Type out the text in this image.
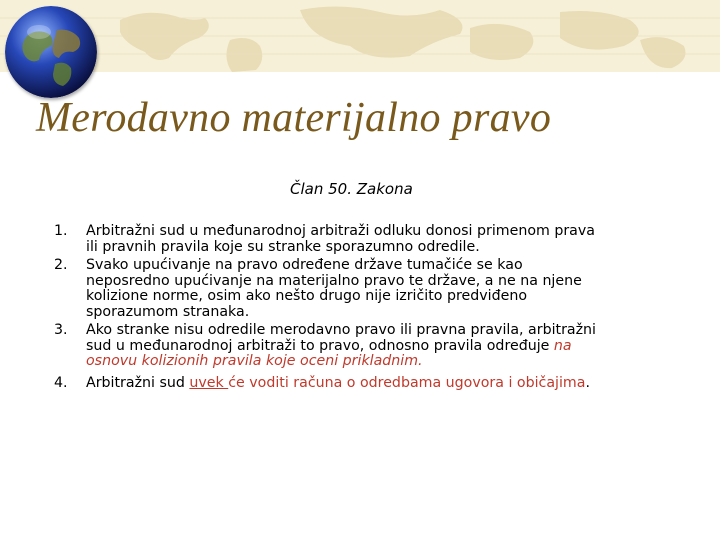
Merodavno materijalno pravo
Član 50. Zakona
1. Arbitražni sud u međunarodnoj arbitraži odluku donosi primenom prava
ili pravnih pravila koje su stranke sporazumno odredile.
2. Svako upućivanje na pravo određene države tumačiće se kao
neposredno upućivanje na materijalno pravo te države, a ne na njene
kolizione norme, osim ako nešto drugo nije izričito predviđeno
sporazumom stranaka.
3. Ako stranke nisu odredile merodavno pravo ili pravna pravila, arbitražni
sud u međunarodnoj arbitraži to pravo, odnosno pravila određuje na
osnovu kolizionih pravila koje oceni prikladnim.
4. Arbitražni sud uvek će voditi računa o odredbama ugovora i običajima.
